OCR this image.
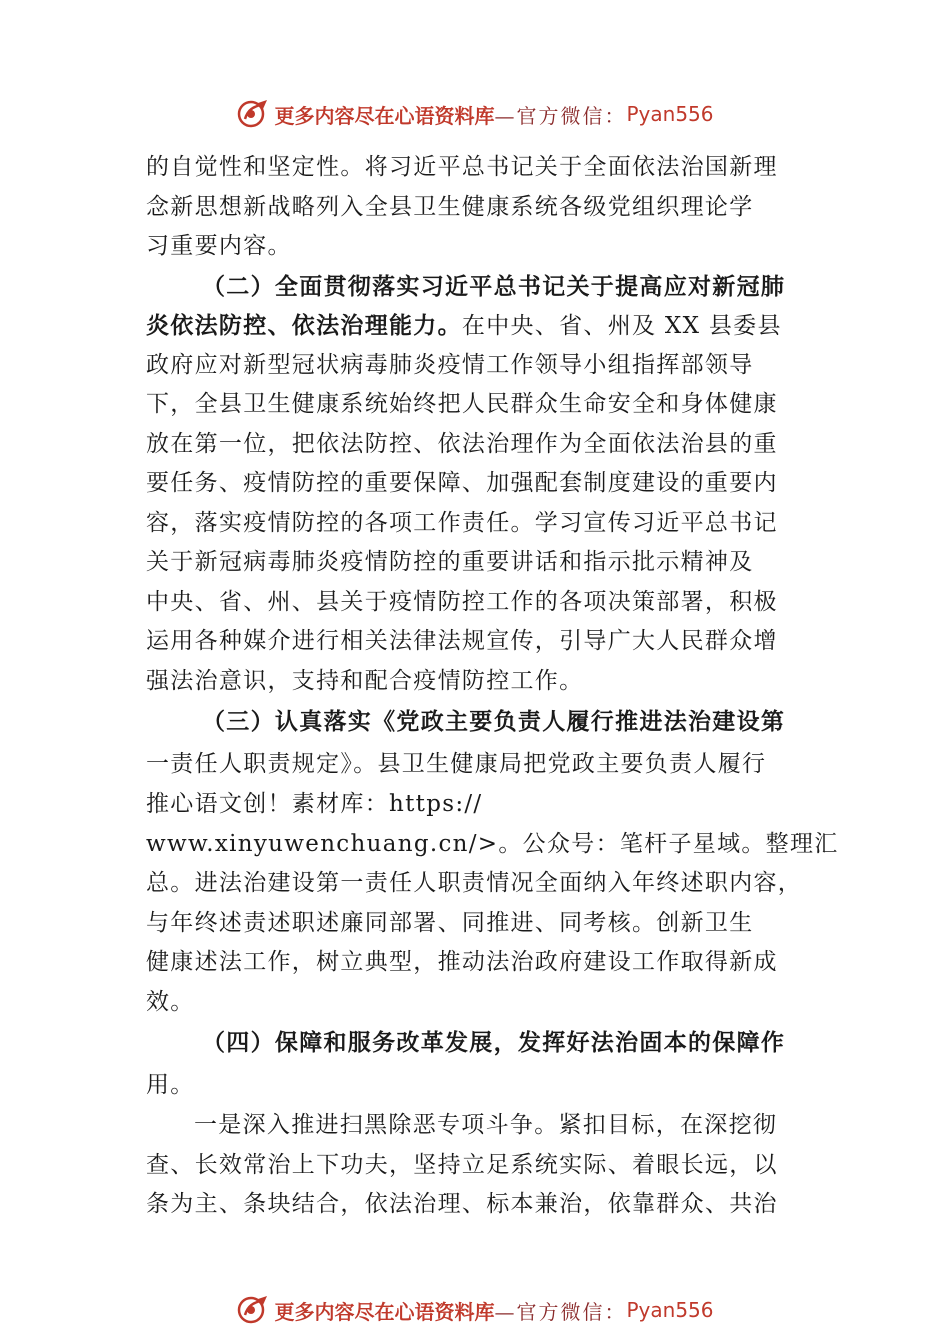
更多内容尽在心语资料库 —官方微信： Pyan556
的自觉性和坚定性。将习近平总书记关于全面依法治国新理
念新思想新战略列入全县卫生健康系统各级党组织理论学
习重要内容。
（二）全面贯彻落实习近平总书记关于提高应对新冠肺
炎依法防控、依法治理能力。在中央、省、州及 XX 县委县
政府应对新型冠状病毒肺炎疫情工作领导小组指挥部领导
下，全县卫生健康系统始终把人民群众生命安全和身体健康
放在第一位，把依法防控、依法治理作为全面依法治县的重
要任务、疫情防控的重要保障、加强配套制度建设的重要内
容，落实疫情防控的各项工作责任。学习宣传习近平总书记
关于新冠病毒肺炎疫情防控的重要讲话和指示批示精神及
中央、省、州、县关于疫情防控工作的各项决策部署，积极
运用各种媒介进行相关法律法规宣传，引导广大人民群众增
强法治意识，支持和配合疫情防控工作。
（三）认真落实《党政主要负责人履行推进法治建设第
一责任人职责规定》。县卫生健康局把党政主要负责人履行
推心语文创！素材库：https://
www.xinyuwenchuang.cn/>。公众号：笔杆子星域。整理汇
总。进法治建设第一责任人职责情况全面纳入年终述职内容，
与年终述责述职述廉同部署、同推进、同考核。创新卫生
健康述法工作，树立典型，推动法治政府建设工作取得新成
效。
（四）保障和服务改革发展，发挥好法治固本的保障作
用。
一是深入推进扫黑除恶专项斗争。紧扣目标，在深挖彻
查、长效常治上下功夫，坚持立足系统实际、着眼长远，以
条为主、条块结合，依法治理、标本兼治，依靠群众、共治
更多内容尽在心语资料库 —官方微信： Pyan556
